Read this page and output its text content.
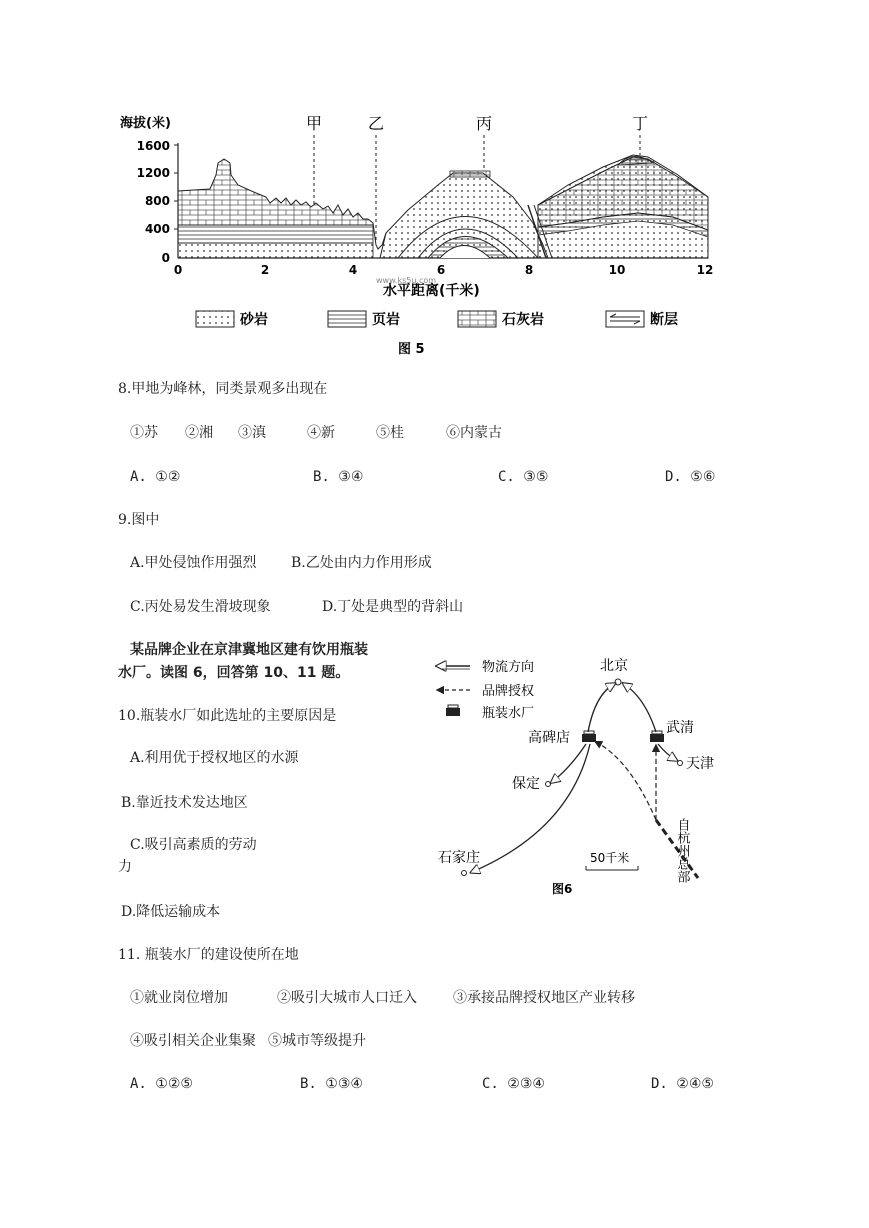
海拔(米)
1600
1200
800
400
0
0	2	4	6	8	10	12
水平距离(千米)
www.ks5u.com
甲	乙	丙	丁
砂岩	页岩	石灰岩	断层
图 5
8.甲地为峰林，同类景观多出现在
①苏 ②湘 ③滇	④新	⑤桂	⑥内蒙古
A. ①②	B. ③④	C. ③⑤	D. ⑤⑥
9.图中
A.甲处侵蚀作用强烈 B.乙处由内力作用形成
C.丙处易发生滑坡现象	D.丁处是典型的背斜山
某品牌企业在京津冀地区建有饮用瓶装
水厂。读图 6，回答第 10、11 题。
10.瓶装水厂如此选址的主要原因是
A.利用优于授权地区的水源
B.靠近技术发达地区
C.吸引高素质的劳动
力
D.降低运输成本
物流方向
品牌授权
瓶装水厂
北京
武清
高碑店
天津
保定
石家庄	自杭州总部
50千米
图6
11. 瓶装水厂的建设使所在地
①就业岗位增加	②吸引大城市人口迁入	③承接品牌授权地区产业转移
④吸引相关企业集聚 ⑤城市等级提升
A. ①②⑤	B. ①③④	C. ②③④	D. ②④⑤
